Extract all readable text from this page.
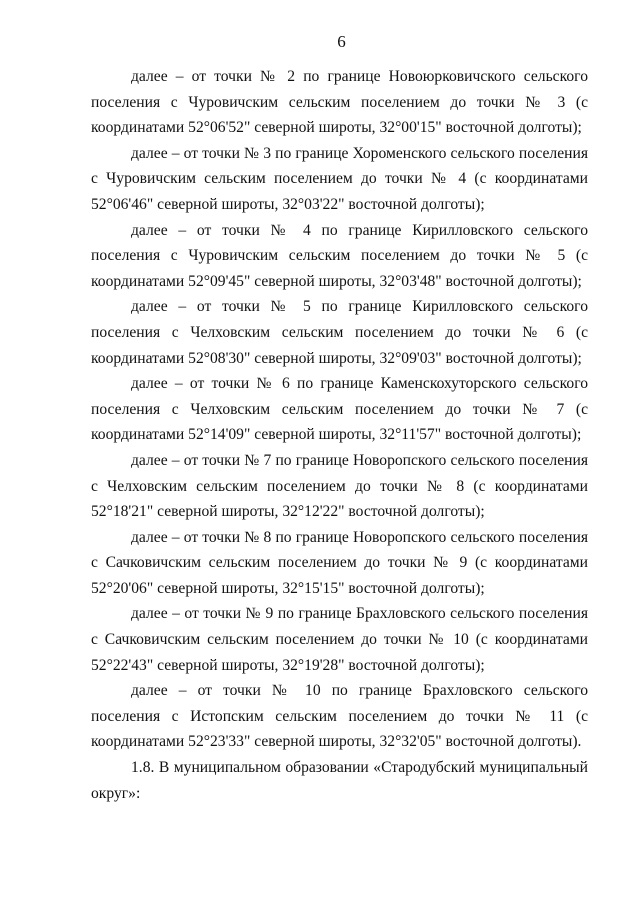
6

далее – от точки № 2 по границе Новоюрковичского сельского поселения с Чуровичским сельским поселением до точки № 3 (с координатами 52°06'52" северной широты, 32°00'15" восточной долготы);

далее – от точки № 3 по границе Хороменского сельского поселения с Чуровичским сельским поселением до точки № 4 (с координатами 52°06'46" северной широты, 32°03'22" восточной долготы);

далее – от точки № 4 по границе Кирилловского сельского поселения с Чуровичским сельским поселением до точки № 5 (с координатами 52°09'45" северной широты, 32°03'48" восточной долготы);

далее – от точки № 5 по границе Кирилловского сельского поселения с Челховским сельским поселением до точки № 6 (с координатами 52°08'30" северной широты, 32°09'03" восточной долготы);

далее – от точки № 6 по границе Каменскохуторского сельского поселения с Челховским сельским поселением до точки № 7 (с координатами 52°14'09" северной широты, 32°11'57" восточной долготы);

далее – от точки № 7 по границе Новоропского сельского поселения с Челховским сельским поселением до точки № 8 (с координатами 52°18'21" северной широты, 32°12'22" восточной долготы);

далее – от точки № 8 по границе Новоропского сельского поселения с Сачковичским сельским поселением до точки № 9 (с координатами 52°20'06" северной широты, 32°15'15" восточной долготы);

далее – от точки № 9 по границе Брахловского сельского поселения с Сачковичским сельским поселением до точки № 10 (с координатами 52°22'43" северной широты, 32°19'28" восточной долготы);

далее – от точки № 10 по границе Брахловского сельского поселения с Истопским сельским поселением до точки № 11 (с координатами 52°23'33" северной широты, 32°32'05" восточной долготы).

1.8. В муниципальном образовании «Стародубский муниципальный округ»:
